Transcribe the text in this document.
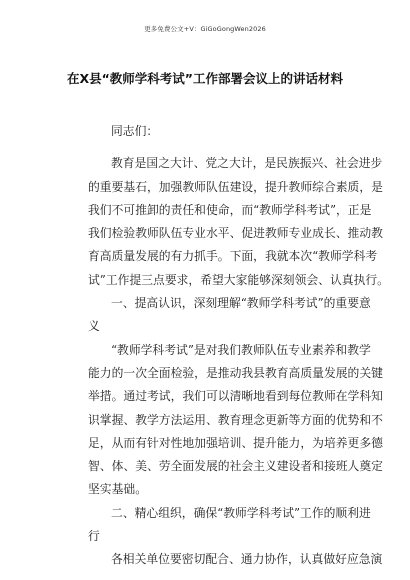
更多免费公文+V：GiGoGongWen2026
在X县“教师学科考试”工作部署会议上的讲话材料
同志们：
教育是国之大计、党之大计，是民族振兴、社会进步
的重要基石，加强教师队伍建设，提升教师综合素质，是
我们不可推卸的责任和使命，而“教师学科考试”，正是
我们检验教师队伍专业水平、促进教师专业成长、推动教
育高质量发展的有力抓手。下面，我就本次“教师学科考
试”工作提三点要求，希望大家能够深刻领会、认真执行。
一、提高认识，深刻理解“教师学科考试”的重要意
义
“教师学科考试”是对我们教师队伍专业素养和教学
能力的一次全面检验，是推动我县教育高质量发展的关键
举措。通过考试，我们可以清晰地看到每位教师在学科知
识掌握、教学方法运用、教育理念更新等方面的优势和不
足，从而有针对性地加强培训、提升能力，为培养更多德
智、体、美、劳全面发展的社会主义建设者和接班人奠定
坚实基础。
二、精心组织，确保“教师学科考试”工作的顺利进
行
各相关单位要密切配合、通力协作，认真做好应急演
